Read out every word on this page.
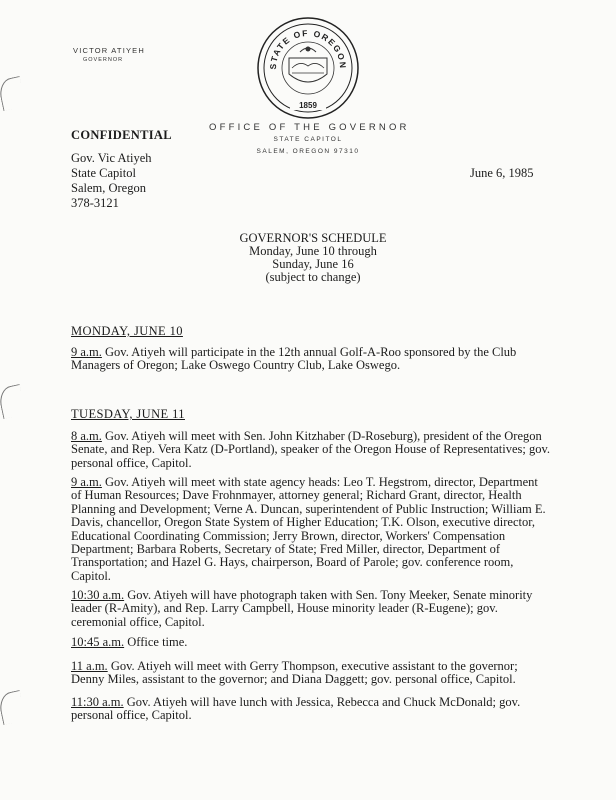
VICTOR ATIYEH
GOVERNOR
STATE OF OREGON
1859
OFFICE OF THE GOVERNOR
STATE CAPITOL
SALEM, OREGON 97310
CONFIDENTIAL
Gov. Vic Atiyeh
State Capitol
Salem, Oregon
378-3121
June 6, 1985
GOVERNOR'S SCHEDULE
Monday, June 10 through
Sunday, June 16
(subject to change)
MONDAY, JUNE 10

9 a.m. Gov. Atiyeh will participate in the 12th annual Golf-A-Roo sponsored by the Club Managers of Oregon; Lake Oswego Country Club, Lake Oswego.

TUESDAY, JUNE 11

8 a.m. Gov. Atiyeh will meet with Sen. John Kitzhaber (D-Roseburg), president of the Oregon Senate, and Rep. Vera Katz (D-Portland), speaker of the Oregon House of Representatives; gov. personal office, Capitol.

9 a.m. Gov. Atiyeh will meet with state agency heads: Leo T. Hegstrom, director, Department of Human Resources; Dave Frohnmayer, attorney general; Richard Grant, director, Health Planning and Development; Verne A. Duncan, superintendent of Public Instruction; William E. Davis, chancellor, Oregon State System of Higher Education; T.K. Olson, executive director, Educational Coordinating Commission; Jerry Brown, director, Workers' Compensation Department; Barbara Roberts, Secretary of State; Fred Miller, director, Department of Transportation; and Hazel G. Hays, chairperson, Board of Parole; gov. conference room, Capitol.

10:30 a.m. Gov. Atiyeh will have photograph taken with Sen. Tony Meeker, Senate minority leader (R-Amity), and Rep. Larry Campbell, House minority leader (R-Eugene); gov. ceremonial office, Capitol.

10:45 a.m. Office time.

11 a.m. Gov. Atiyeh will meet with Gerry Thompson, executive assistant to the governor; Denny Miles, assistant to the governor; and Diana Daggett; gov. personal office, Capitol.

11:30 a.m. Gov. Atiyeh will have lunch with Jessica, Rebecca and Chuck McDonald; gov. personal office, Capitol.
